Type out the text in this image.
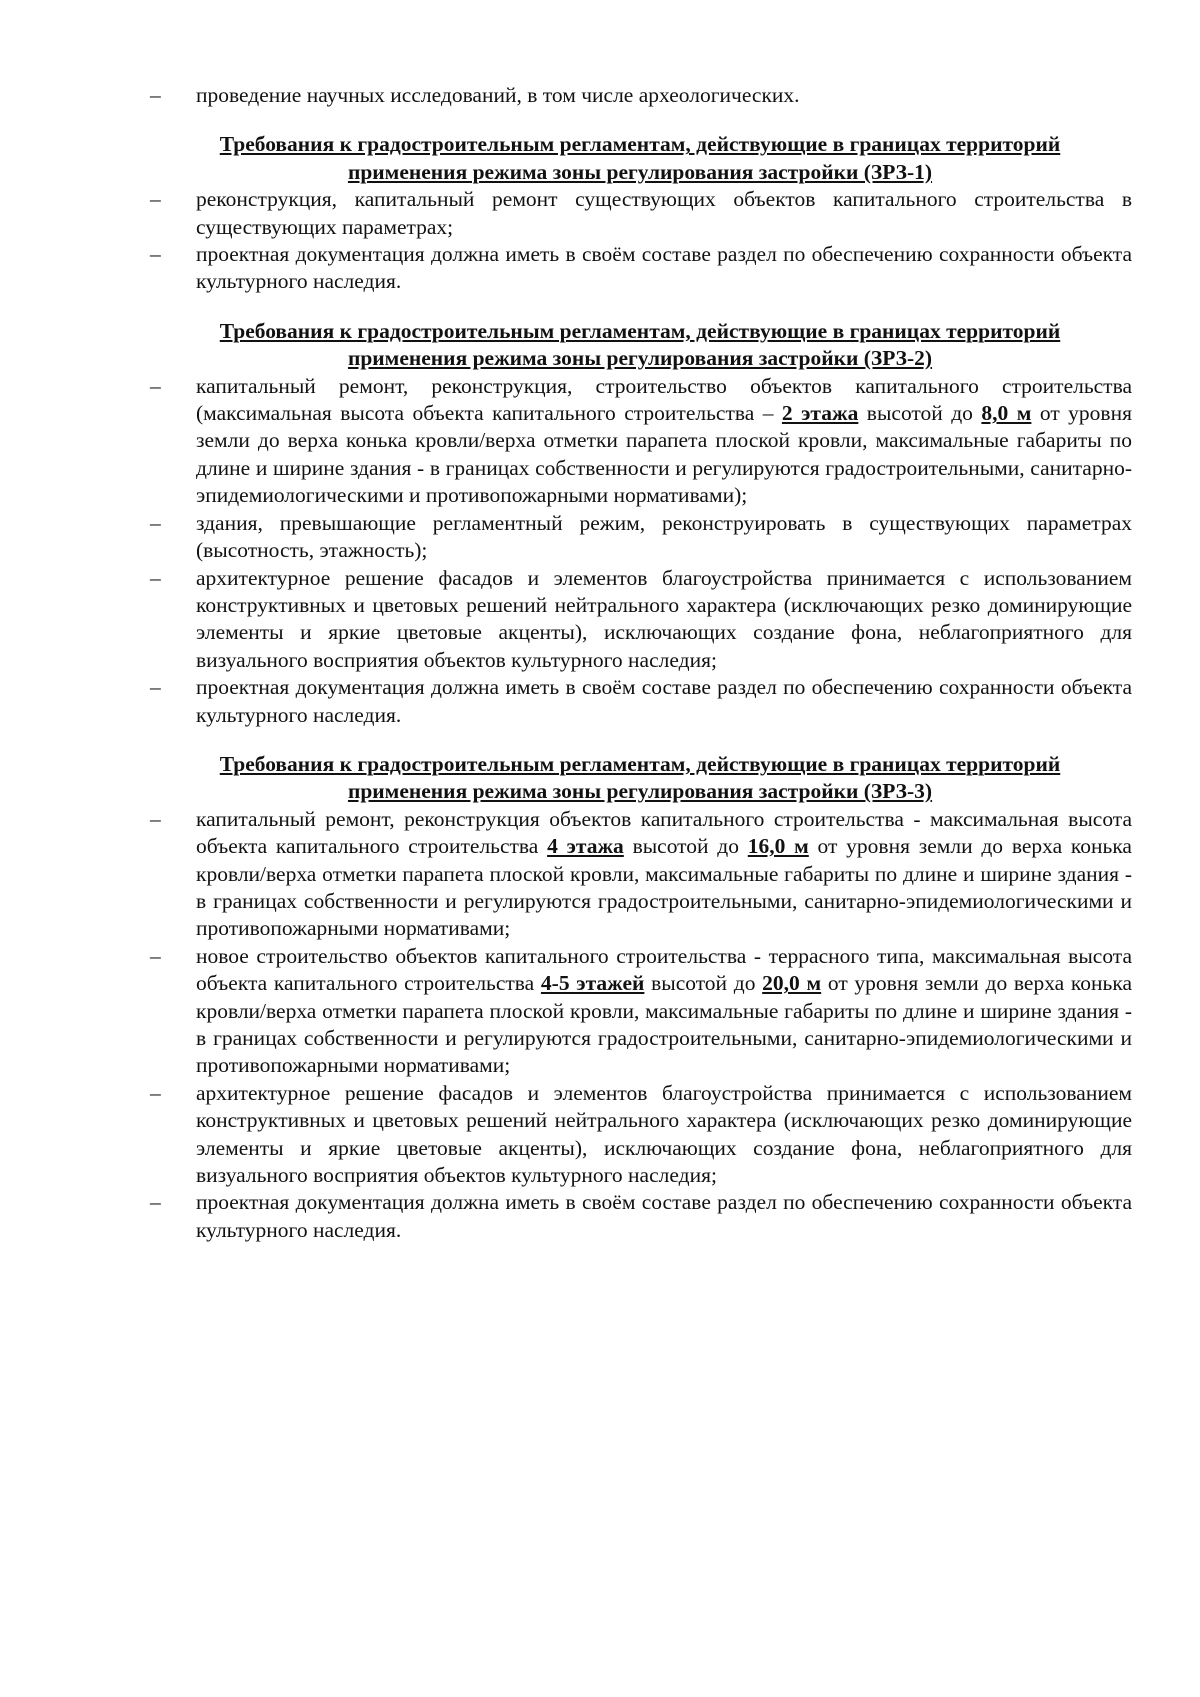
– проведение научных исследований, в том числе археологических.
Требования к градостроительным регламентам, действующие в границах территорий
применения режима зоны регулирования застройки (ЗРЗ-1)
– реконструкция, капитальный ремонт существующих объектов капитального строительства в существующих параметрах;
– проектная документация должна иметь в своём составе раздел по обеспечению сохранности объекта культурного наследия.
Требования к градостроительным регламентам, действующие в границах территорий
применения режима зоны регулирования застройки (ЗРЗ-2)
– капитальный ремонт, реконструкция, строительство объектов капитального строительства (максимальная высота объекта капитального строительства – 2 этажа высотой до 8,0 м от уровня земли до верха конька кровли/верха отметки парапета плоской кровли, максимальные габариты по длине и ширине здания - в границах собственности и регулируются градостроительными, санитарно-эпидемиологическими и противопожарными нормативами);
– здания, превышающие регламентный режим, реконструировать в существующих параметрах (высотность, этажность);
– архитектурное решение фасадов и элементов благоустройства принимается с использованием конструктивных и цветовых решений нейтрального характера (исключающих резко доминирующие элементы и яркие цветовые акценты), исключающих создание фона, неблагоприятного для визуального восприятия объектов культурного наследия;
– проектная документация должна иметь в своём составе раздел по обеспечению сохранности объекта культурного наследия.
Требования к градостроительным регламентам, действующие в границах территорий
применения режима зоны регулирования застройки (ЗРЗ-3)
– капитальный ремонт, реконструкция объектов капитального строительства - максимальная высота объекта капитального строительства 4 этажа высотой до 16,0 м от уровня земли до верха конька кровли/верха отметки парапета плоской кровли, максимальные габариты по длине и ширине здания - в границах собственности и регулируются градостроительными, санитарно-эпидемиологическими и противопожарными нормативами;
– новое строительство объектов капитального строительства - террасного типа, максимальная высота объекта капитального строительства 4-5 этажей высотой до 20,0 м от уровня земли до верха конька кровли/верха отметки парапета плоской кровли, максимальные габариты по длине и ширине здания - в границах собственности и регулируются градостроительными, санитарно-эпидемиологическими и противопожарными нормативами;
– архитектурное решение фасадов и элементов благоустройства принимается с использованием конструктивных и цветовых решений нейтрального характера (исключающих резко доминирующие элементы и яркие цветовые акценты), исключающих создание фона, неблагоприятного для визуального восприятия объектов культурного наследия;
– проектная документация должна иметь в своём составе раздел по обеспечению сохранности объекта культурного наследия.
